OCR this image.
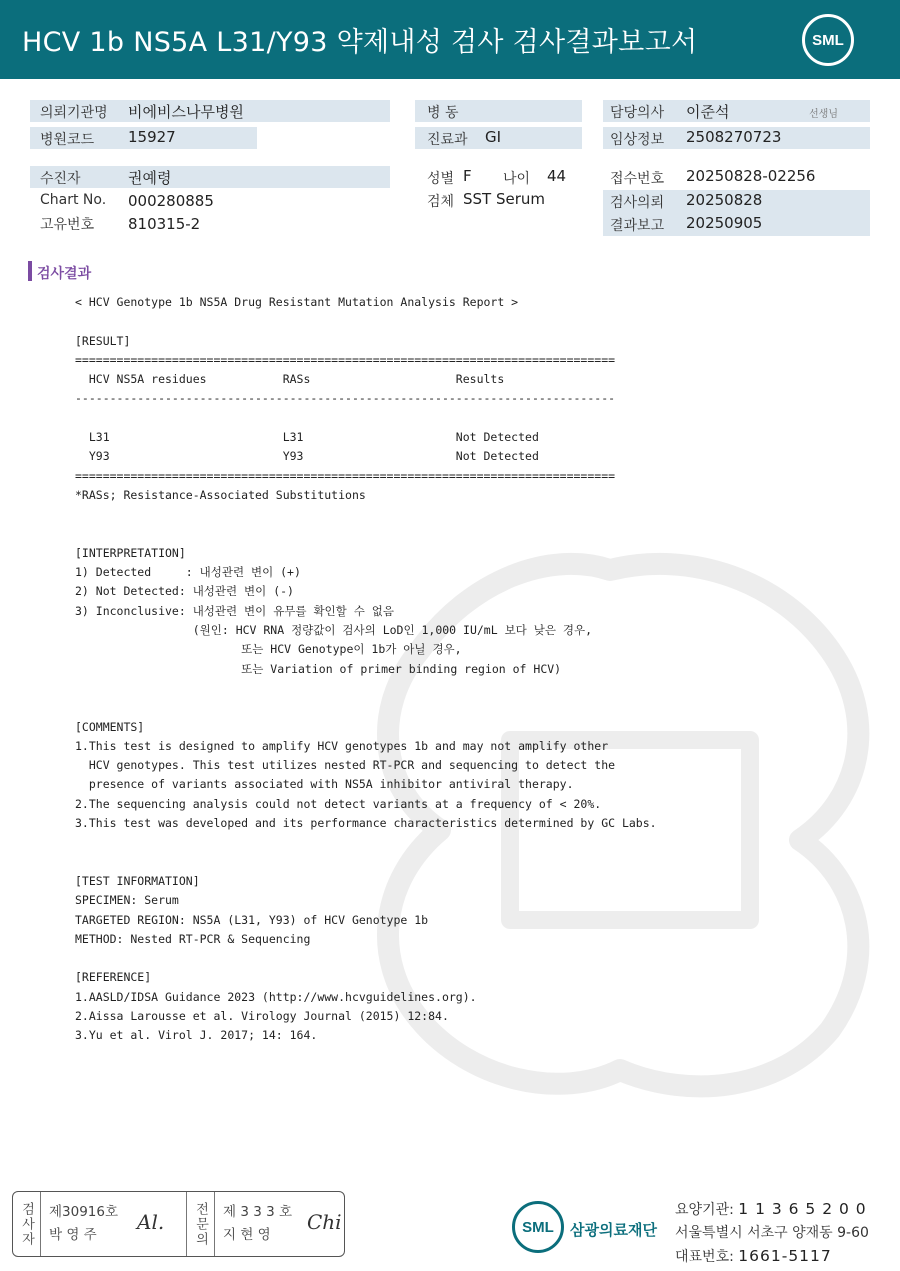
HCV 1b NS5A L31/Y93 약제내성 검사 검사결과보고서	SML
의뢰기관명 비에비스나무병원
병원코드 15927
수진자	권예령
Chart No. 000280885
고유번호 810315-2
병 동
진료과 GI
성별 F 나이 44
검체 SST Serum
담당의사 이준석	선생님
임상정보 2508270723
접수번호 20250828-02256
검사의뢰 20250828
결과보고 20250905
검사결과
< HCV Genotype 1b NS5A Drug Resistant Mutation Analysis Report >
[RESULT]
==============================================================================
HCV NS5A residues           RASs                     Results
------------------------------------------------------------------------------
L31                         L31                      Not Detected
Y93                         Y93                      Not Detected
==============================================================================
*RASs; Resistance-Associated Substitutions
[INTERPRETATION]
1) Detected     : 내성관련 변이 (+)
2) Not Detected: 내성관련 변이 (-)
3) Inconclusive: 내성관련 변이 유무를 확인할 수 없음
(원인: HCV RNA 정량값이 검사의 LoD인 1,000 IU/mL 보다 낮은 경우,
또는 HCV Genotype이 1b가 아닐 경우,
또는 Variation of primer binding region of HCV)
[COMMENTS]
1.This test is designed to amplify HCV genotypes 1b and may not amplify other
HCV genotypes. This test utilizes nested RT-PCR and sequencing to detect the
presence of variants associated with NS5A inhibitor antiviral therapy.
2.The sequencing analysis could not detect variants at a frequency of < 20%.
3.This test was developed and its performance characteristics determined by GC Labs.
[TEST INFORMATION]
SPECIMEN: Serum
TARGETED REGION: NS5A (L31, Y93) of HCV Genotype 1b
METHOD: Nested RT-PCR & Sequencing
[REFERENCE]
1.AASLD/IDSA Guidance 2023 (http://www.hcvguidelines.org).
2.Aissa Larousse et al. Virology Journal (2015) 12:84.
3.Yu et al. Virol J. 2017; 14: 164.
검사자 제30916호
박 영 주
Al. 전문의 제 3 3 3 호
지 현 영
Chi	SML	삼광의료재단
요양기관: 1 1 3 6 5 2 0 0
서울특별시 서초구 양재동 9-60
대표번호: 1661-5117
